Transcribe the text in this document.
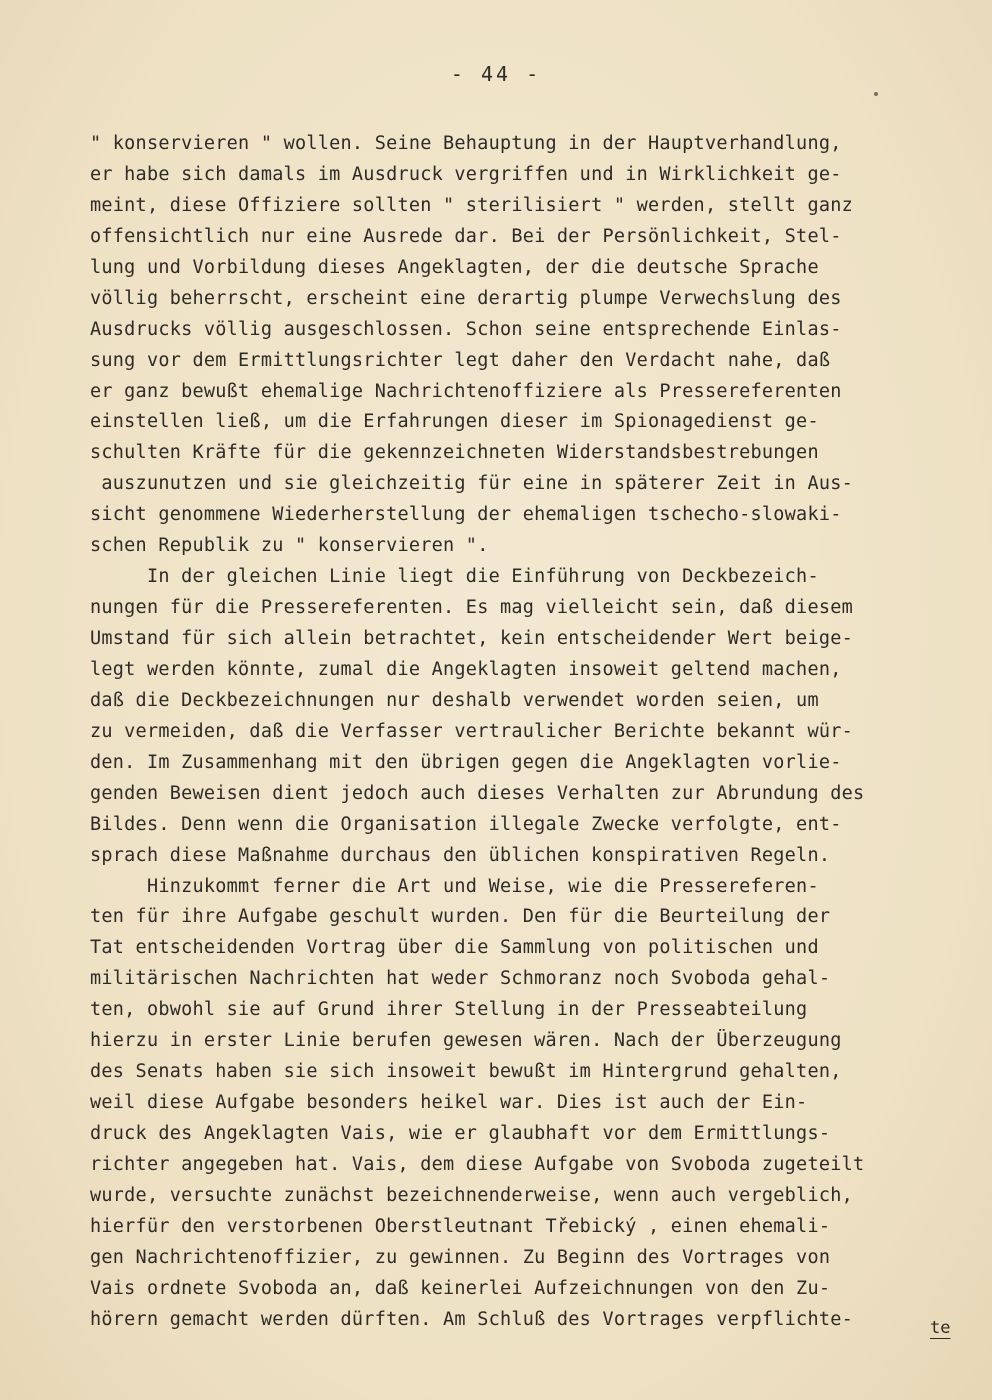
- 44 -
" konservieren " wollen. Seine Behauptung in der Hauptverhandlung,
er habe sich damals im Ausdruck vergriffen und in Wirklichkeit ge-
meint, diese Offiziere sollten " sterilisiert " werden, stellt ganz
offensichtlich nur eine Ausrede dar. Bei der Persönlichkeit, Stel-
lung und Vorbildung dieses Angeklagten, der die deutsche Sprache
völlig beherrscht, erscheint eine derartig plumpe Verwechslung des
Ausdrucks völlig ausgeschlossen. Schon seine entsprechende Einlas-
sung vor dem Ermittlungsrichter legt daher den Verdacht nahe, daß
er ganz bewußt ehemalige Nachrichtenoffiziere als Pressereferenten
einstellen ließ, um die Erfahrungen dieser im Spionagedienst ge-
schulten Kräfte für die gekennzeichneten Widerstandsbestrebungen
auszunutzen und sie gleichzeitig für eine in späterer Zeit in Aus-
sicht genommene Wiederherstellung der ehemaligen tschecho-slowaki-
schen Republik zu " konservieren ".
In der gleichen Linie liegt die Einführung von Deckbezeich-
nungen für die Pressereferenten. Es mag vielleicht sein, daß diesem
Umstand für sich allein betrachtet, kein entscheidender Wert beige-
legt werden könnte, zumal die Angeklagten insoweit geltend machen,
daß die Deckbezeichnungen nur deshalb verwendet worden seien, um
zu vermeiden, daß die Verfasser vertraulicher Berichte bekannt wür-
den. Im Zusammenhang mit den übrigen gegen die Angeklagten vorlie-
genden Beweisen dient jedoch auch dieses Verhalten zur Abrundung des
Bildes. Denn wenn die Organisation illegale Zwecke verfolgte, ent-
sprach diese Maßnahme durchaus den üblichen konspirativen Regeln.
Hinzukommt ferner die Art und Weise, wie die Pressereferen-
ten für ihre Aufgabe geschult wurden. Den für die Beurteilung der
Tat entscheidenden Vortrag über die Sammlung von politischen und
militärischen Nachrichten hat weder Schmoranz noch Svoboda gehal-
ten, obwohl sie auf Grund ihrer Stellung in der Presseabteilung
hierzu in erster Linie berufen gewesen wären. Nach der Überzeugung
des Senats haben sie sich insoweit bewußt im Hintergrund gehalten,
weil diese Aufgabe besonders heikel war. Dies ist auch der Ein-
druck des Angeklagten Vais, wie er glaubhaft vor dem Ermittlungs-
richter angegeben hat. Vais, dem diese Aufgabe von Svoboda zugeteilt
wurde, versuchte zunächst bezeichnenderweise, wenn auch vergeblich,
hierfür den verstorbenen Oberstleutnant Třebický , einen ehemali-
gen Nachrichtenoffizier, zu gewinnen. Zu Beginn des Vortrages von
Vais ordnete Svoboda an, daß keinerlei Aufzeichnungen von den Zu-
hörern gemacht werden dürften. Am Schluß des Vortrages verpflichte-	te
